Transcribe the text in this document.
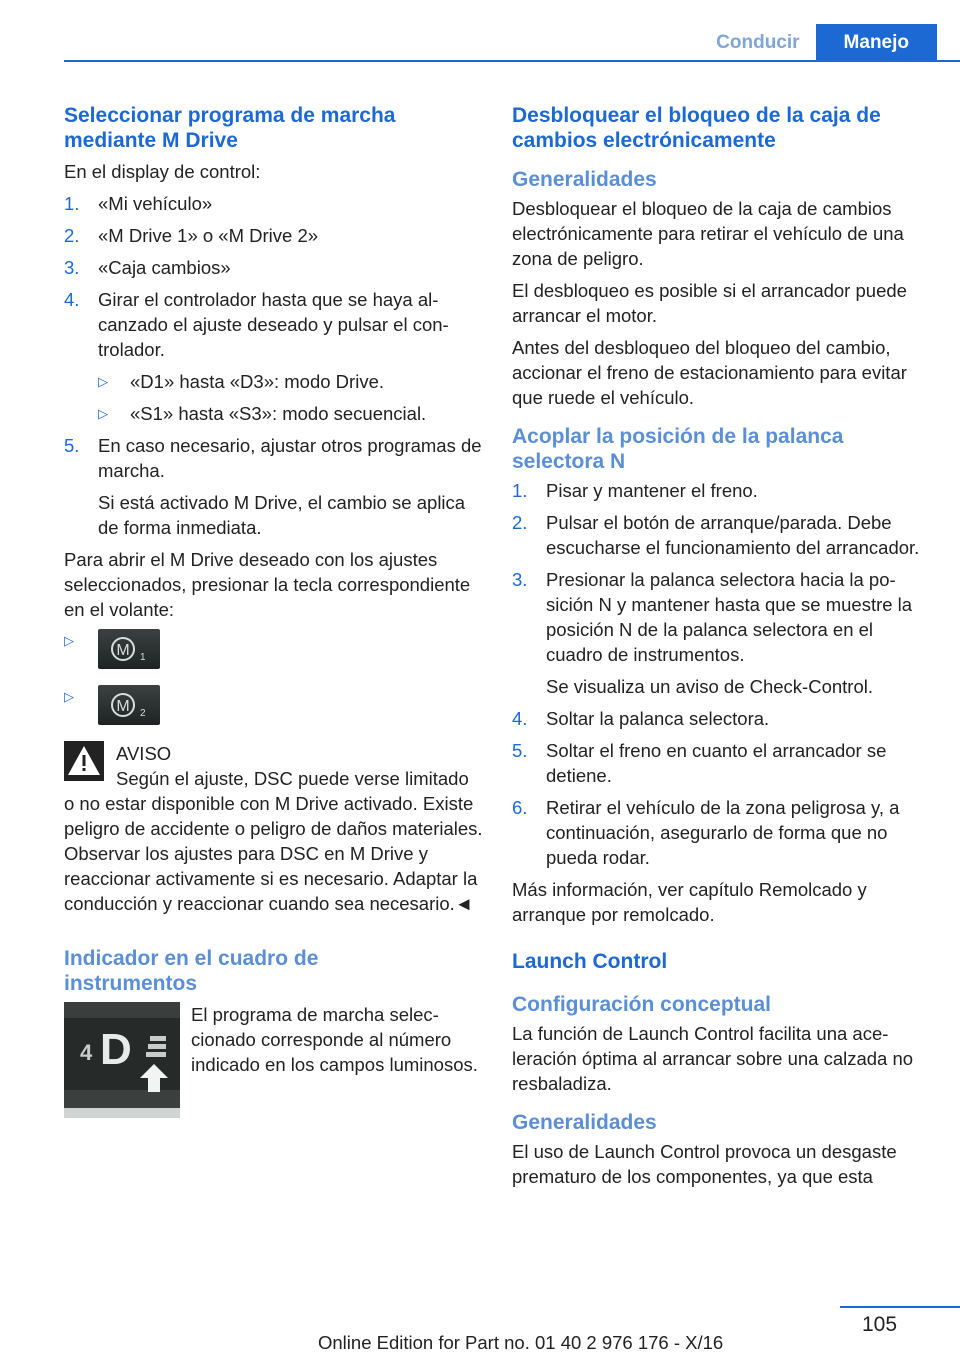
Conducir	Manejo
Seleccionar programa de marcha mediante M Drive
En el display de control:
1.	«Mi vehículo»
2.	«M Drive 1» o «M Drive 2»
3.	«Caja cambios»
4.	Girar el controlador hasta que se haya alcanzado el ajuste deseado y pulsar el controlador.
▷	«D1» hasta «D3»: modo Drive.
▷	«S1» hasta «S3»: modo secuencial.
5.	En caso necesario, ajustar otros programas de marcha.
Si está activado M Drive, el cambio se aplica de forma inmediata.
Para abrir el M Drive deseado con los ajustes seleccionados, presionar la tecla correspondiente en el volante:
▷
M 1
▷
M 2
AVISO
Según el ajuste, DSC puede verse limitado o no estar disponible con M Drive activado. Existe peligro de accidente o peligro de daños materiales. Observar los ajustes para DSC en M Drive y reaccionar activamente si es necesario. Adaptar la conducción y reaccionar cuando sea necesario.◄
Indicador en el cuadro de instrumentos
4 D
El programa de marcha seleccionado corresponde al número indicado en los campos luminosos.
Desbloquear el bloqueo de la caja de cambios electrónicamente
Generalidades
Desbloquear el bloqueo de la caja de cambios electrónicamente para retirar el vehículo de una zona de peligro.
El desbloqueo es posible si el arrancador puede arrancar el motor.
Antes del desbloqueo del bloqueo del cambio, accionar el freno de estacionamiento para evitar que ruede el vehículo.
Acoplar la posición de la palanca selectora N
1.	Pisar y mantener el freno.
2.	Pulsar el botón de arranque/parada. Debe escucharse el funcionamiento del arrancador.
3.	Presionar la palanca selectora hacia la posición N y mantener hasta que se muestre la posición N de la palanca selectora en el cuadro de instrumentos.
Se visualiza un aviso de Check-Control.
4.	Soltar la palanca selectora.
5.	Soltar el freno en cuanto el arrancador se detiene.
6.	Retirar el vehículo de la zona peligrosa y, a continuación, asegurarlo de forma que no pueda rodar.
Más información, ver capítulo Remolcado y arranque por remolcado.
Launch Control
Configuración conceptual
La función de Launch Control facilita una aceleración óptima al arrancar sobre una calzada no resbaladiza.
Generalidades
El uso de Launch Control provoca un desgaste prematuro de los componentes, ya que esta
105
Online Edition for Part no. 01 40 2 976 176 - X/16
